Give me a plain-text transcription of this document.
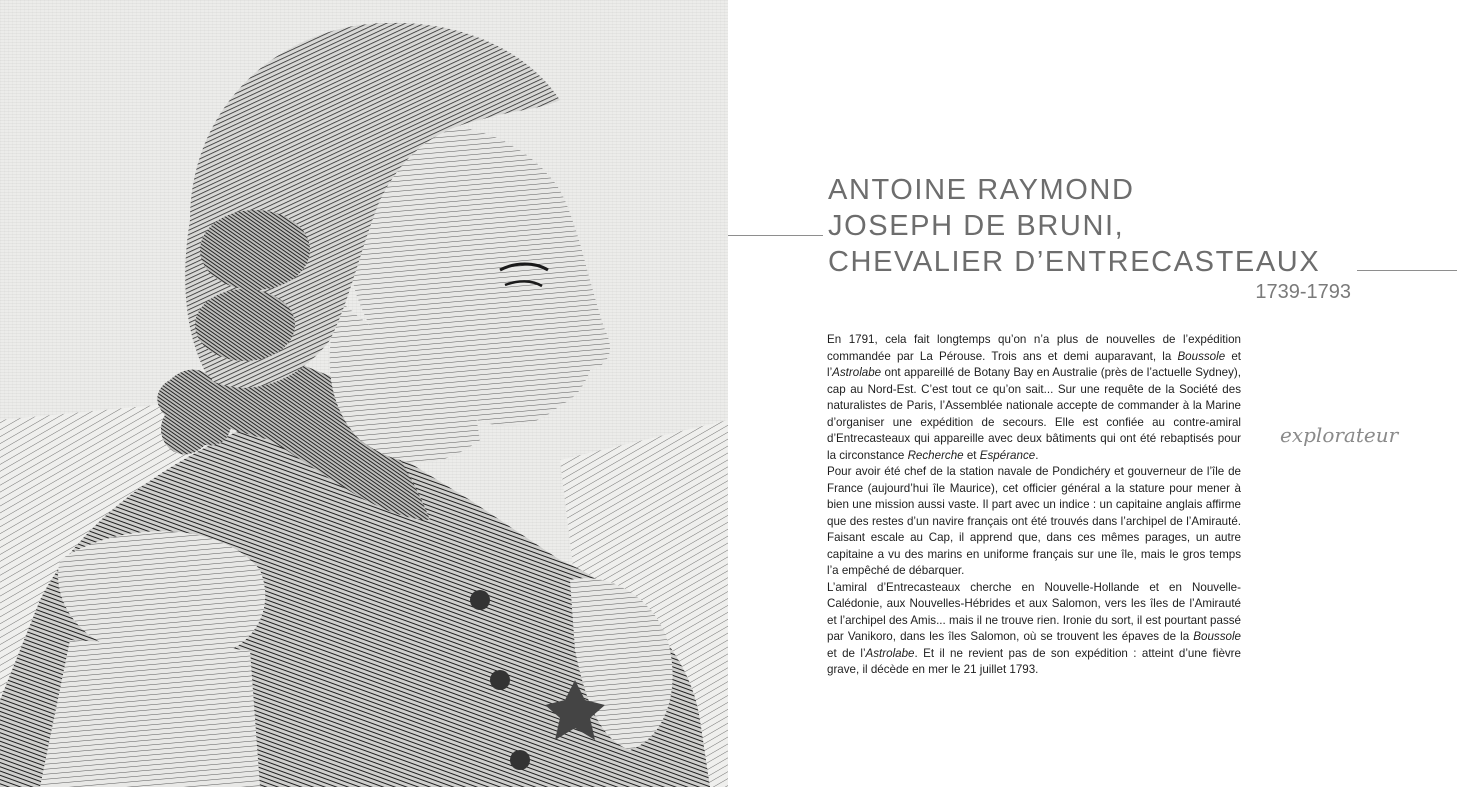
ANTOINE RAYMOND
JOSEPH DE BRUNI,
CHEVALIER D’ENTRECASTEAUX
1739-1793

En 1791, cela fait longtemps qu’on n’a plus de nouvelles de l’expédition commandée par La Pérouse. Trois ans et demi auparavant, la Boussole et l’Astrolabe ont appareillé de Botany Bay en Australie (près de l’actuelle Sydney), cap au Nord-Est. C’est tout ce qu’on sait... Sur une requête de la Société des naturalistes de Paris, l’Assemblée nationale accepte de commander à la Marine d’organiser une expédition de secours. Elle est confiée au contre-amiral d’Entrecasteaux qui appareille avec deux bâtiments qui ont été rebaptisés pour la circonstance Recherche et Espérance.

Pour avoir été chef de la station navale de Pondichéry et gouverneur de l’île de France (aujourd’hui île Maurice), cet officier général a la stature pour mener à bien une mission aussi vaste. Il part avec un indice : un capitaine anglais affirme que des restes d’un navire français ont été trouvés dans l’archipel de l’Amirauté. Faisant escale au Cap, il apprend que, dans ces mêmes parages, un autre capitaine a vu des marins en uniforme français sur une île, mais le gros temps l’a empêché de débarquer.

L’amiral d’Entrecasteaux cherche en Nouvelle-Hollande et en Nouvelle-Calédonie, aux Nouvelles-Hébrides et aux Salomon, vers les îles de l’Amirauté et l’archipel des Amis... mais il ne trouve rien. Ironie du sort, il est pourtant passé par Vanikoro, dans les îles Salomon, où se trouvent les épaves de la Boussole et de l’Astrolabe. Et il ne revient pas de son expédition : atteint d’une fièvre grave, il décède en mer le 21 juillet 1793.

explorateur
